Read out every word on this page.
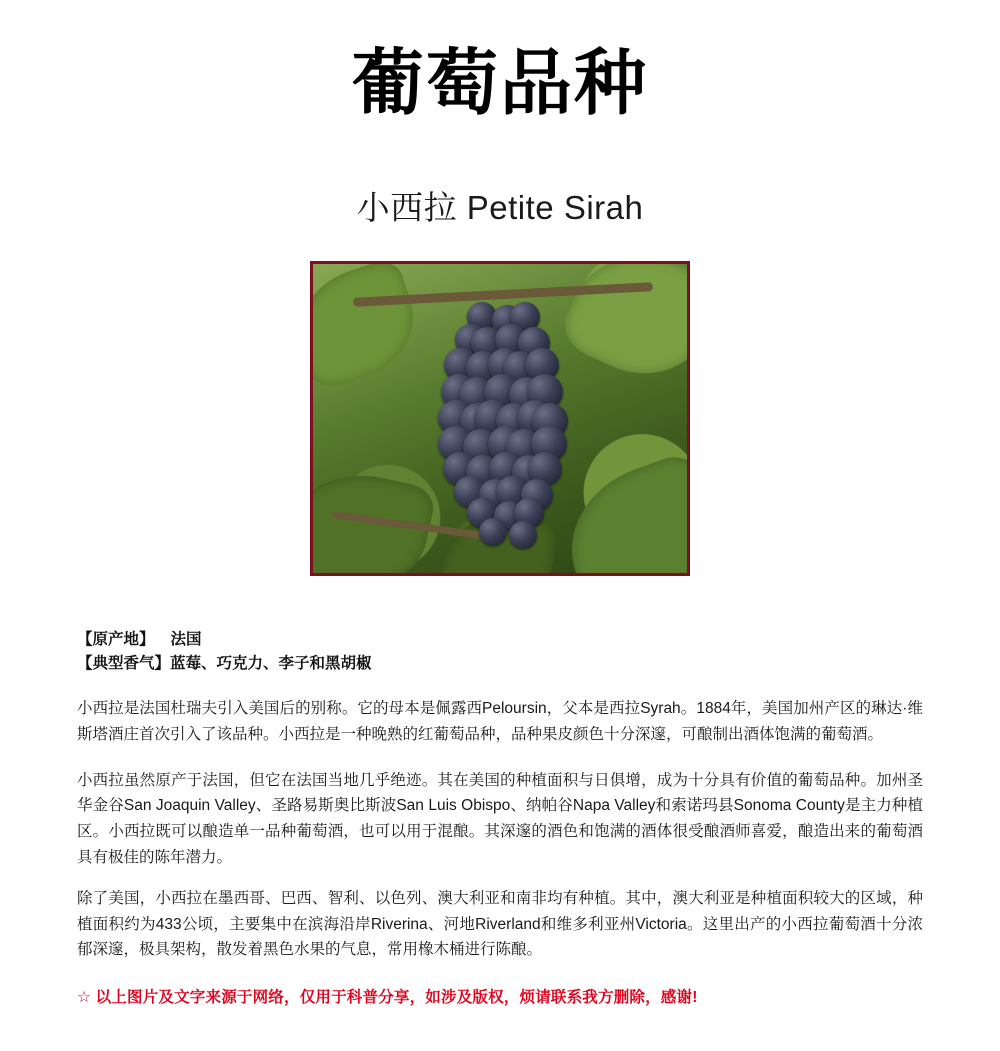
葡萄品种
小西拉 Petite Sirah
【原产地】 法国
【典型香气】蓝莓、巧克力、李子和黑胡椒

小西拉是法国杜瑞夫引入美国后的别称。它的母本是佩露西Peloursin，父本是西拉Syrah。1884年，美国加州产区的琳达·维斯塔酒庄首次引入了该品种。小西拉是一种晚熟的红葡萄品种，品种果皮颜色十分深邃，可酿制出酒体饱满的葡萄酒。

小西拉虽然原产于法国，但它在法国当地几乎绝迹。其在美国的种植面积与日俱增，成为十分具有价值的葡萄品种。加州圣华金谷San Joaquin Valley、圣路易斯奥比斯波San Luis Obispo、纳帕谷Napa Valley和索诺玛县Sonoma County是主力种植区。小西拉既可以酿造单一品种葡萄酒，也可以用于混酿。其深邃的酒色和饱满的酒体很受酿酒师喜爱，酿造出来的葡萄酒具有极佳的陈年潜力。

除了美国，小西拉在墨西哥、巴西、智利、以色列、澳大利亚和南非均有种植。其中，澳大利亚是种植面积较大的区域，种植面积约为433公顷，主要集中在滨海沿岸Riverina、河地Riverland和维多利亚州Victoria。这里出产的小西拉葡萄酒十分浓郁深邃，极具架构，散发着黑色水果的气息，常用橡木桶进行陈酿。

☆ 以上图片及文字来源于网络，仅用于科普分享，如涉及版权，烦请联系我方删除，感谢!
